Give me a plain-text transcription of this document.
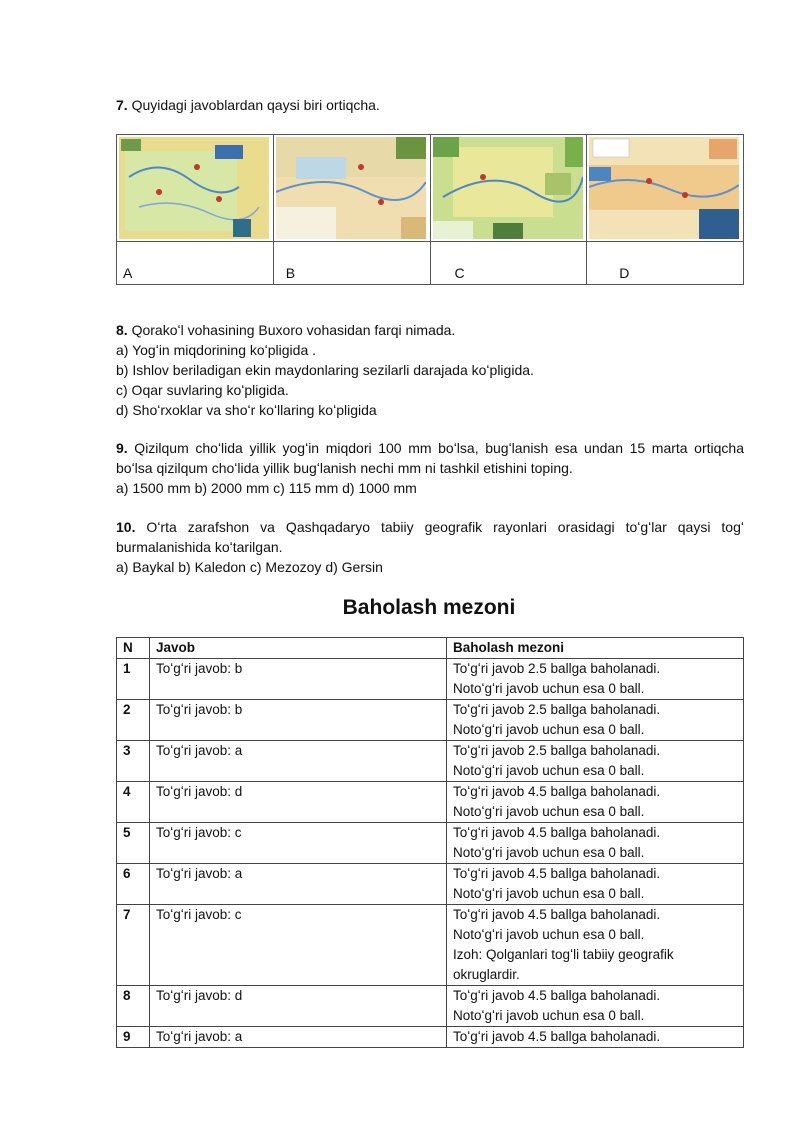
7. Quyidagi javoblardan qaysi biri ortiqcha.

A	B	C	D

8. Qorakoʻl vohasining Buxoro vohasidan farqi nimada.

a) Yogʻin miqdorining koʻpligida .

b) Ishlov beriladigan ekin maydonlaring sezilarli darajada koʻpligida.

c) Oqar suvlaring koʻpligida.

d) Shoʻrxoklar va shoʻr koʻllaring koʻpligida

9. Qizilqum choʻlida yillik yogʻin miqdori 100 mm boʻlsa, bugʻlanish esa undan 15 marta ortiqcha boʻlsa qizilqum choʻlida yillik bugʻlanish nechi mm ni tashkil etishini toping.

a) 1500 mm b) 2000 mm c) 115 mm d) 1000 mm

10. Oʻrta zarafshon va Qashqadaryo tabiiy geografik rayonlari orasidagi toʻgʻlar qaysi togʻ burmalanishida koʻtarilgan.

a) Baykal b) Kaledon c) Mezozoy d) Gersin

Baholash mezoni
N	Javob	Baholash mezoni
1	Toʻgʻri javob: b	Toʻgʻri javob 2.5 ballga baholanadi.
Notoʻgʻri javob uchun esa 0 ball.

2	Toʻgʻri javob: b	Toʻgʻri javob 2.5 ballga baholanadi.
Notoʻgʻri javob uchun esa 0 ball.

3	Toʻgʻri javob: a	Toʻgʻri javob 2.5 ballga baholanadi.
Notoʻgʻri javob uchun esa 0 ball.

4	Toʻgʻri javob: d	Toʻgʻri javob 4.5 ballga baholanadi.
Notoʻgʻri javob uchun esa 0 ball.

5	Toʻgʻri javob: c	Toʻgʻri javob 4.5 ballga baholanadi.
Notoʻgʻri javob uchun esa 0 ball.

6	Toʻgʻri javob: a	Toʻgʻri javob 4.5 ballga baholanadi.
Notoʻgʻri javob uchun esa 0 ball.

7	Toʻgʻri javob: c	Toʻgʻri javob 4.5 ballga baholanadi.
Notoʻgʻri javob uchun esa 0 ball.
Izoh: Qolganlari togʻli tabiiy geografik
okruglardir.

8	Toʻgʻri javob: d	Toʻgʻri javob 4.5 ballga baholanadi.
Notoʻgʻri javob uchun esa 0 ball.

9	Toʻgʻri javob: a	Toʻgʻri javob 4.5 ballga baholanadi.
